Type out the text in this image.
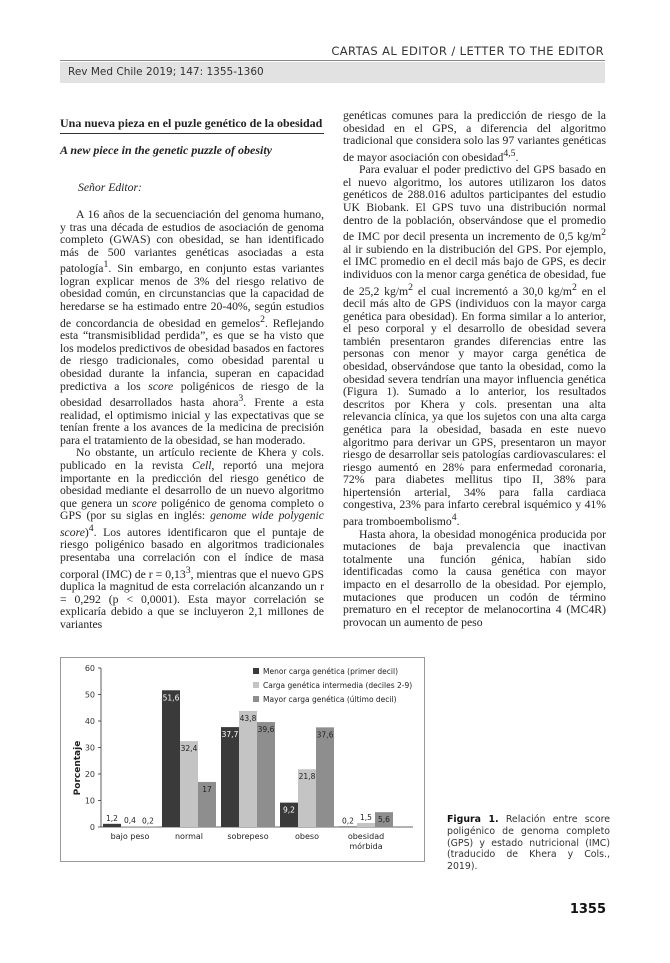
CARTAS AL EDITOR / LETTER TO THE EDITOR
Rev Med Chile 2019; 147: 1355-1360
Una nueva pieza en el puzle genético de la obesidad
A new piece in the genetic puzzle of obesity
Señor Editor:

A 16 años de la secuenciación del genoma humano, y tras una década de estudios de asociación de genoma completo (GWAS) con obesidad, se han identificado más de 500 variantes genéticas asociadas a esta patología$^1$. Sin embargo, en conjunto estas variantes logran explicar menos de 3% del riesgo relativo de obesidad común, en circunstancias que la capacidad de heredarse se ha estimado entre 20-40%, según estudios de concordancia de obesidad en gemelos$^2$. Reflejando esta “transmisiblidad perdida”, es que se ha visto que los modelos predictivos de obesidad basados en factores de riesgo tradicionales, como obesidad parental u obesidad durante la infancia, superan en capacidad predictiva a los score poligénicos de riesgo de la obesidad desarrollados hasta ahora$^3$. Frente a esta realidad, el optimismo inicial y las expectativas que se tenían frente a los avances de la medicina de precisión para el tratamiento de la obesidad, se han moderado.

No obstante, un artículo reciente de Khera y cols. publicado en la revista Cell, reportó una mejora importante en la predicción del riesgo genético de obesidad mediante el desarrollo de un nuevo algoritmo que genera un score poligénico de genoma completo o GPS (por su siglas en inglés: genome wide polygenic score)$^4$. Los autores identificaron que el puntaje de riesgo poligénico basado en algoritmos tradicionales presentaba una correlación con el índice de masa corporal (IMC) de $r = 0,13^3$, mientras que el nuevo GPS duplica la magnitud de esta correlación alcanzando un r = 0,292 (p < 0,0001). Esta mayor correlación se explicaría debido a que se incluyeron 2,1 millones de variantes

genéticas comunes para la predicción de riesgo de la obesidad en el GPS, a diferencia del algoritmo tradicional que considera solo las 97 variantes genéticas de mayor asociación con obesidad$^{4,5}$.

Para evaluar el poder predictivo del GPS basado en el nuevo algoritmo, los autores utilizaron los datos genéticos de 288.016 adultos participantes del estudio UK Biobank. El GPS tuvo una distribución normal dentro de la población, observándose que el promedio de IMC por decil presenta un incremento de 0,5 $kg/m^2$ al ir subiendo en la distribución del GPS. Por ejemplo, el IMC promedio en el decil más bajo de GPS, es decir individuos con la menor carga genética de obesidad, fue de 25,2 $kg/m^2$ el cual incrementó a 30,0 $kg/m^2$ en el decil más alto de GPS (individuos con la mayor carga genética para obesidad). En forma similar a lo anterior, el peso corporal y el desarrollo de obesidad severa también presentaron grandes diferencias entre las personas con menor y mayor carga genética de obesidad, observándose que tanto la obesidad, como la obesidad severa tendrían una mayor influencia genética (Figura 1). Sumado a lo anterior, los resultados descritos por Khera y cols. presentan una alta relevancia clínica, ya que los sujetos con una alta carga genética para la obesidad, basada en este nuevo algoritmo para derivar un GPS, presentaron un mayor riesgo de desarrollar seis patologías cardiovasculares: el riesgo aumentó en 28% para enfermedad coronaria, 72% para diabetes mellitus tipo II, 38% para hipertensión arterial, 34% para falla cardiaca congestiva, 23% para infarto cerebral isquémico y 41% para tromboembolismo$^4$.

Hasta ahora, la obesidad monogénica producida por mutaciones de baja prevalencia que inactivan totalmente una función génica, habían sido identificadas como la causa genética con mayor impacto en el desarrollo de la obesidad. Por ejemplo, mutaciones que producen un codón de término prematuro en el receptor de melanocortina 4 (MC4R) provocan un aumento de peso

0
10
20
30
40
50
60
1,2 0,4 0,2
51,6
32,4
17
37,7
43,8
39,6
9,2
21,8
37,6
0,2 1,5 5,6
bajo peso	normal	sobrepeso	obeso	obesidad
mórbida
Menor carga genética (primer decil)
Carga genética intermedia (deciles 2-9)
Mayor carga genética (último decil)
Porcentaje
Figura 1. Relación entre score poligénico de genoma completo (GPS) y estado nutricional (IMC) (traducido de Khera y Cols., 2019).
1355
